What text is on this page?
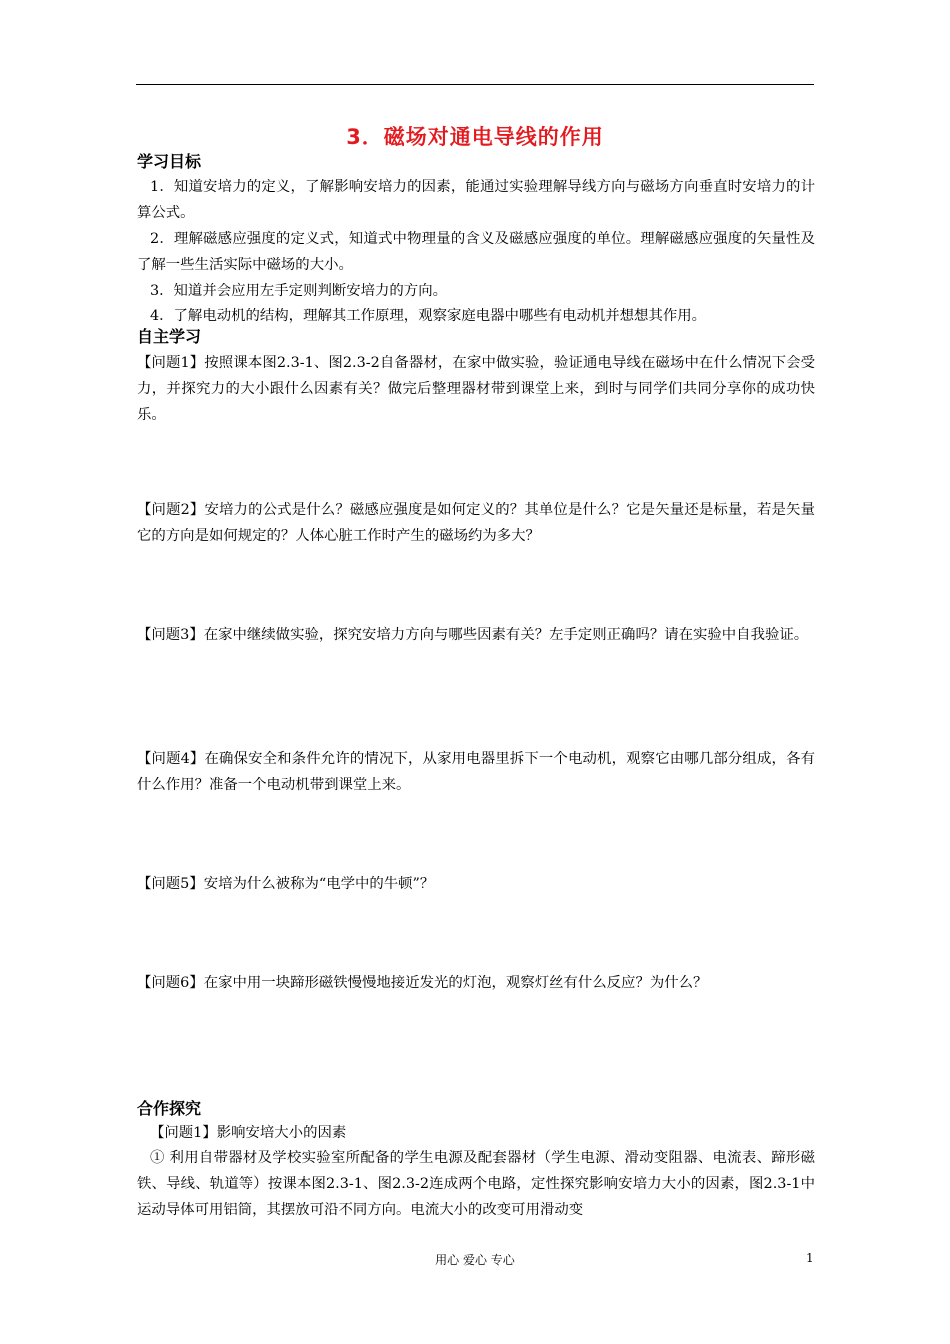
3．磁场对通电导线的作用
学习目标
1．知道安培力的定义，了解影响安培力的因素，能通过实验理解导线方向与磁场方向垂直时安培力的计算公式。
2．理解磁感应强度的定义式，知道式中物理量的含义及磁感应强度的单位。理解磁感应强度的矢量性及了解一些生活实际中磁场的大小。
3．知道并会应用左手定则判断安培力的方向。
4．了解电动机的结构，理解其工作原理，观察家庭电器中哪些有电动机并想想其作用。
自主学习
【问题1】按照课本图2.3-1、图2.3-2自备器材，在家中做实验，验证通电导线在磁场中在什么情况下会受力，并探究力的大小跟什么因素有关？做完后整理器材带到课堂上来，到时与同学们共同分享你的成功快乐。
【问题2】安培力的公式是什么？磁感应强度是如何定义的？其单位是什么？它是矢量还是标量，若是矢量它的方向是如何规定的？人体心脏工作时产生的磁场约为多大？
【问题3】在家中继续做实验，探究安培力方向与哪些因素有关？左手定则正确吗？请在实验中自我验证。
【问题4】在确保安全和条件允许的情况下，从家用电器里拆下一个电动机，观察它由哪几部分组成，各有什么作用？准备一个电动机带到课堂上来。
【问题5】安培为什么被称为“电学中的牛顿”？
【问题6】在家中用一块蹄形磁铁慢慢地接近发光的灯泡，观察灯丝有什么反应？为什么？
合作探究
【问题1】影响安培大小的因素
① 利用自带器材及学校实验室所配备的学生电源及配套器材（学生电源、滑动变阻器、电流表、蹄形磁铁、导线、轨道等）按课本图2.3-1、图2.3-2连成两个电路，定性探究影响安培力大小的因素，图2.3-1中运动导体可用铝筒，其摆放可沿不同方向。电流大小的改变可用滑动变
用心 爱心 专心	1
